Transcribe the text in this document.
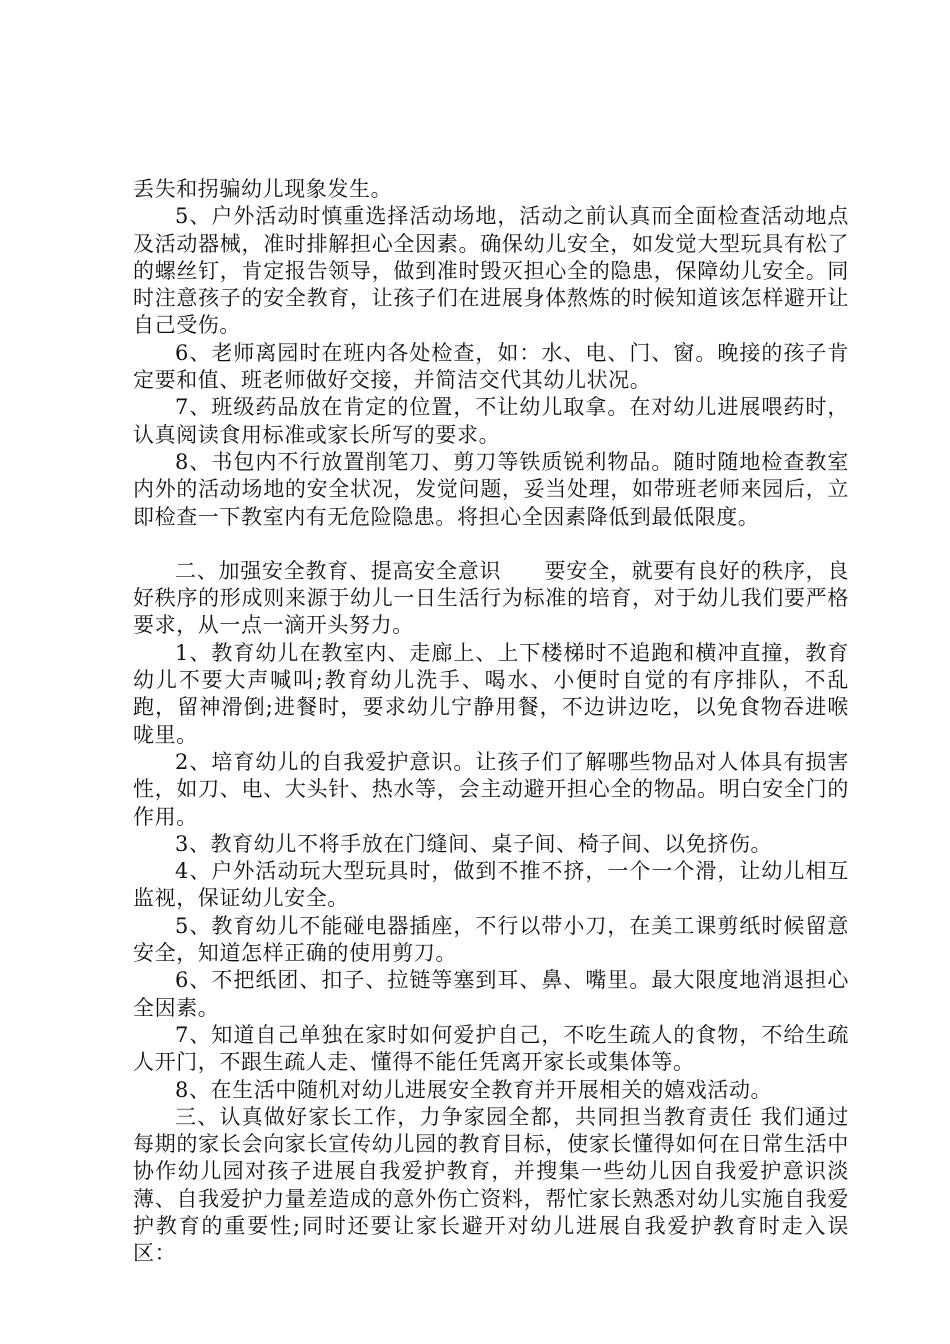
丢失和拐骗幼儿现象发生。

5、户外活动时慎重选择活动场地，活动之前认真而全面检查活动地点及活动器械，准时排解担心全因素。确保幼儿安全，如发觉大型玩具有松了的螺丝钉，肯定报告领导，做到准时毁灭担心全的隐患，保障幼儿安全。同时注意孩子的安全教育，让孩子们在进展身体熬炼的时候知道该怎样避开让自己受伤。

6、老师离园时在班内各处检查，如：水、电、门、窗。晚接的孩子肯定要和值、班老师做好交接，并简洁交代其幼儿状况。

7、班级药品放在肯定的位置，不让幼儿取拿。在对幼儿进展喂药时，认真阅读食用标准或家长所写的要求。

8、书包内不行放置削笔刀、剪刀等铁质锐利物品。随时随地检查教室内外的活动场地的安全状况，发觉问题，妥当处理，如带班老师来园后，立即检查一下教室内有无危险隐患。将担心全因素降低到最低限度。

二、加强安全教育、提高安全意识　　要安全，就要有良好的秩序，良好秩序的形成则来源于幼儿一日生活行为标准的培育，对于幼儿我们要严格要求，从一点一滴开头努力。

1、教育幼儿在教室内、走廊上、上下楼梯时不追跑和横冲直撞，教育幼儿不要大声喊叫;教育幼儿洗手、喝水、小便时自觉的有序排队，不乱跑，留神滑倒;进餐时，要求幼儿宁静用餐，不边讲边吃，以免食物吞进喉咙里。

2、培育幼儿的自我爱护意识。让孩子们了解哪些物品对人体具有损害性，如刀、电、大头针、热水等，会主动避开担心全的物品。明白安全门的作用。

3、教育幼儿不将手放在门缝间、桌子间、椅子间、以免挤伤。

4、户外活动玩大型玩具时，做到不推不挤，一个一个滑，让幼儿相互监视，保证幼儿安全。

5、教育幼儿不能碰电器插座，不行以带小刀，在美工课剪纸时候留意安全，知道怎样正确的使用剪刀。

6、不把纸团、扣子、拉链等塞到耳、鼻、嘴里。最大限度地消退担心全因素。

7、知道自己单独在家时如何爱护自己，不吃生疏人的食物，不给生疏人开门，不跟生疏人走、懂得不能任凭离开家长或集体等。

8、在生活中随机对幼儿进展安全教育并开展相关的嬉戏活动。

三、认真做好家长工作，力争家园全都，共同担当教育责任 我们通过每期的家长会向家长宣传幼儿园的教育目标，使家长懂得如何在日常生活中协作幼儿园对孩子进展自我爱护教育，并搜集一些幼儿因自我爱护意识淡薄、自我爱护力量差造成的意外伤亡资料，帮忙家长熟悉对幼儿实施自我爱护教育的重要性;同时还要让家长避开对幼儿进展自我爱护教育时走入误区：
